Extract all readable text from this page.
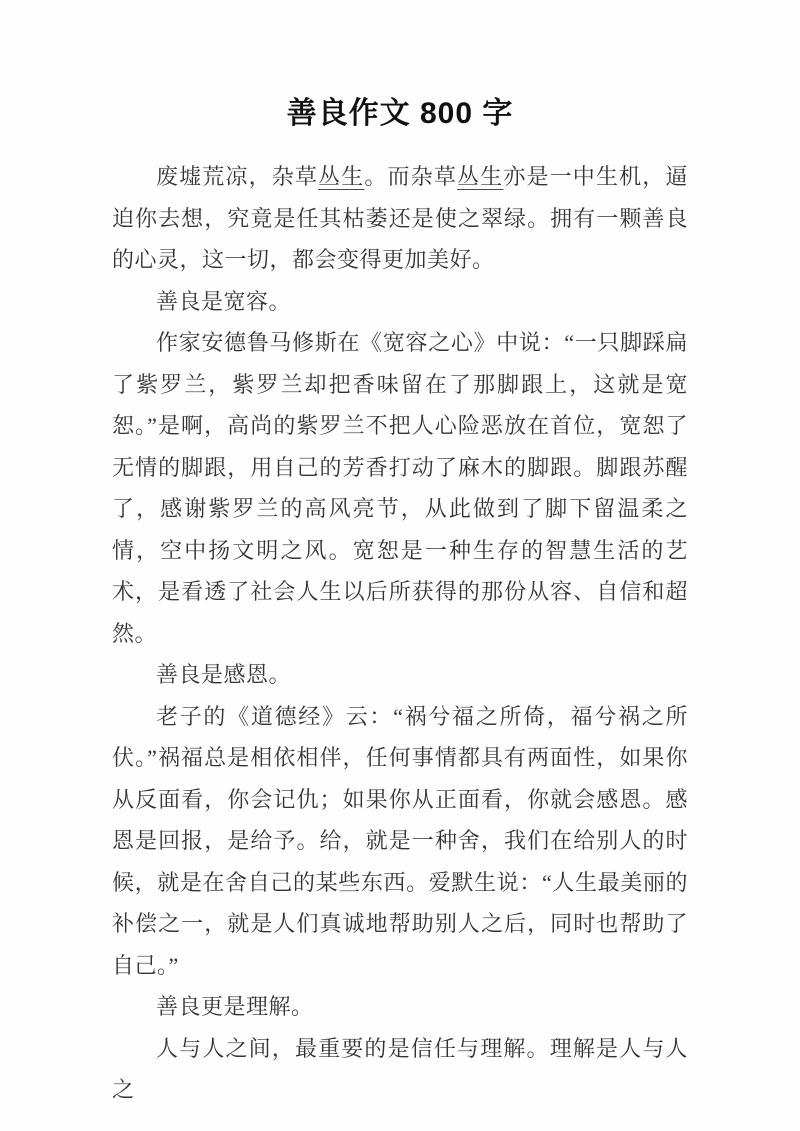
善良作文 800 字

废墟荒凉，杂草丛生。而杂草丛生亦是一中生机，逼迫你去想，究竟是任其枯萎还是使之翠绿。拥有一颗善良的心灵，这一切，都会变得更加美好。

善良是宽容。

作家安德鲁马修斯在《宽容之心》中说：“一只脚踩扁了紫罗兰，紫罗兰却把香味留在了那脚跟上，这就是宽恕。”是啊，高尚的紫罗兰不把人心险恶放在首位，宽恕了无情的脚跟，用自己的芳香打动了麻木的脚跟。脚跟苏醒了，感谢紫罗兰的高风亮节，从此做到了脚下留温柔之情，空中扬文明之风。宽恕是一种生存的智慧生活的艺术，是看透了社会人生以后所获得的那份从容、自信和超然。

善良是感恩。

老子的《道德经》云：“祸兮福之所倚，福兮祸之所伏。”祸福总是相依相伴，任何事情都具有两面性，如果你从反面看，你会记仇；如果你从正面看，你就会感恩。感恩是回报，是给予。给，就是一种舍，我们在给别人的时候，就是在舍自己的某些东西。爱默生说：“人生最美丽的补偿之一，就是人们真诚地帮助别人之后，同时也帮助了自己。”

善良更是理解。

人与人之间，最重要的是信任与理解。理解是人与人之
